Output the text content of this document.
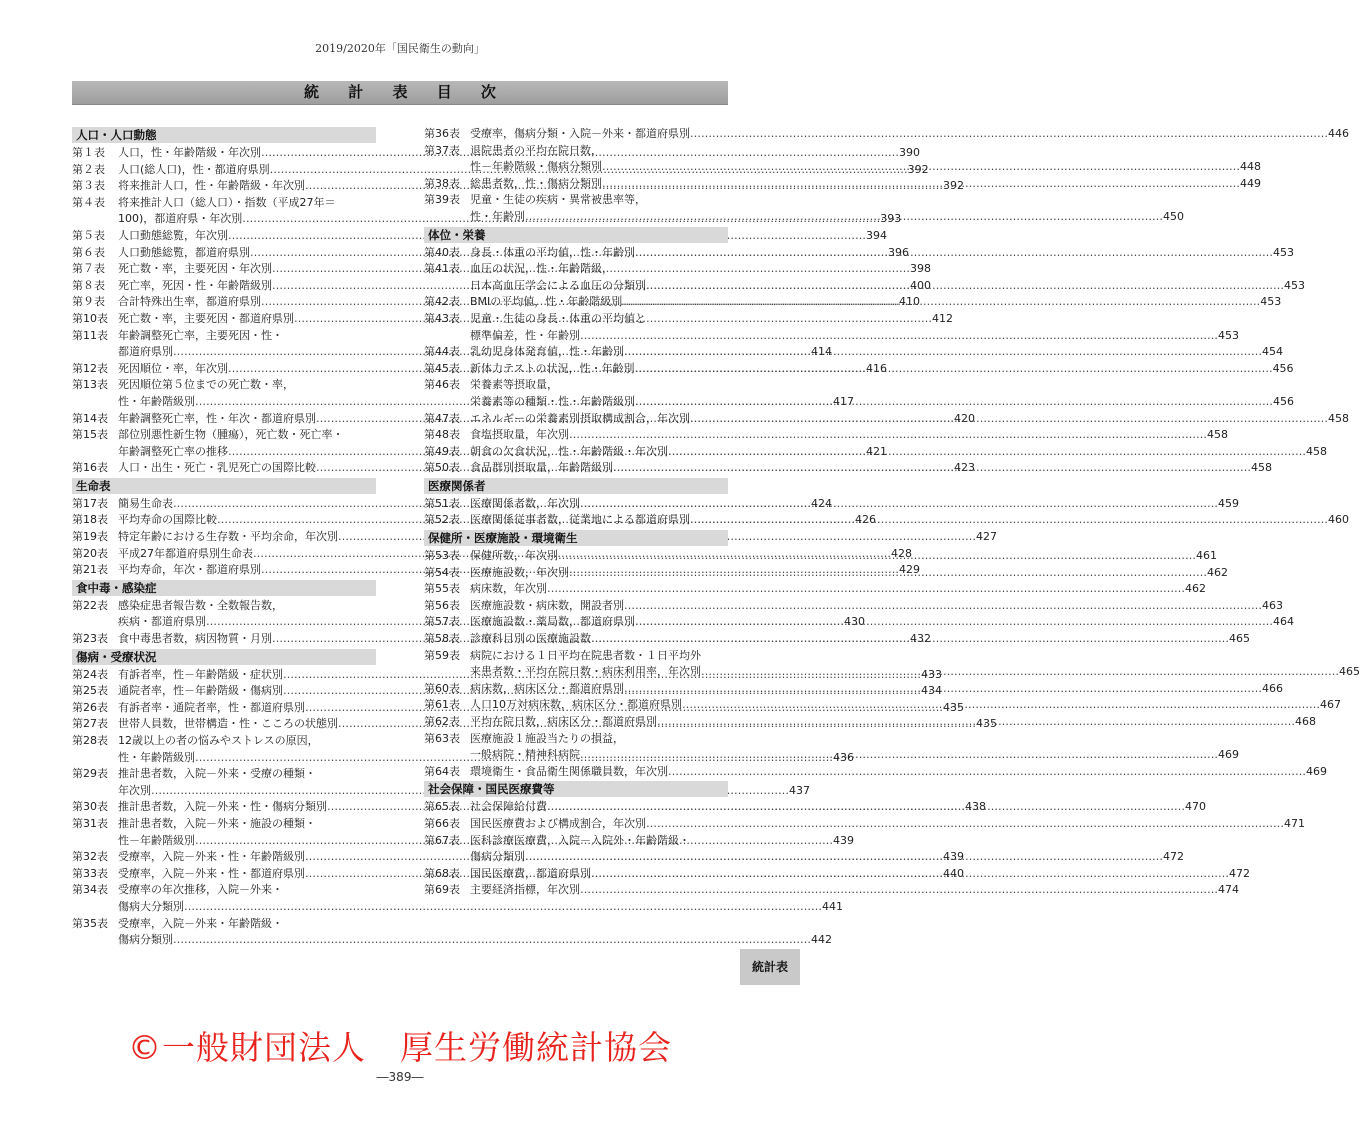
2019/2020年「国民衛生の動向」
統 計 表 目 次
人口・人口動態
第１表	人口，性・年齢階級・年次別 …………………………………………………………………………………………………………………………………………………………	390
第２表	人口(総人口)，性・都道府県別 …………………………………………………………………………………………………………………………………………………………	392
第３表	将来推計人口，性・年齢階級・年次別 …………………………………………………………………………………………………………………………………………………………	392
第４表	将来推計人口（総人口）・指数（平成27年＝
100)，都道府県・年次別 …………………………………………………………………………………………………………………………………………………………	393
第５表	人口動態総覧，年次別 …………………………………………………………………………………………………………………………………………………………	394
第６表	人口動態総覧，都道府県別 …………………………………………………………………………………………………………………………………………………………	396
第７表	死亡数・率，主要死因・年次別 …………………………………………………………………………………………………………………………………………………………	398
第８表	死亡率，死因・性・年齢階級別 …………………………………………………………………………………………………………………………………………………………	400
第９表	合計特殊出生率，都道府県別 …………………………………………………………………………………………………………………………………………………………	410
第10表 死亡数・率，主要死因・都道府県別 …………………………………………………………………………………………………………………………………………………………	412
第11表 年齢調整死亡率，主要死因・性・
都道府県別 …………………………………………………………………………………………………………………………………………………………	414
第12表 死因順位・率，年次別 …………………………………………………………………………………………………………………………………………………………	416
第13表 死因順位第５位までの死亡数・率，
性・年齢階級別 …………………………………………………………………………………………………………………………………………………………	417
第14表 年齢調整死亡率，性・年次・都道府県別 …………………………………………………………………………………………………………………………………………………………	420
第15表 部位別悪性新生物（腫瘍），死亡数・死亡率・
年齢調整死亡率の推移 …………………………………………………………………………………………………………………………………………………………	421
第16表 人口・出生・死亡・乳児死亡の国際比較 …………………………………………………………………………………………………………………………………………………………	423
生命表
第17表 簡易生命表 …………………………………………………………………………………………………………………………………………………………	424
第18表 平均寿命の国際比較 …………………………………………………………………………………………………………………………………………………………	426
第19表 特定年齢における生存数・平均余命，年次別 …………………………………………………………………………………………………………………………………………………………	427
第20表 平成27年都道府県別生命表 …………………………………………………………………………………………………………………………………………………………	428
第21表 平均寿命，年次・都道府県別 …………………………………………………………………………………………………………………………………………………………	429
食中毒・感染症
第22表 感染症患者報告数・全数報告数，
疾病・都道府県別 …………………………………………………………………………………………………………………………………………………………	430
第23表 食中毒患者数，病因物質・月別 …………………………………………………………………………………………………………………………………………………………	432
傷病・受療状況
第24表 有訴者率，性－年齢階級・症状別 …………………………………………………………………………………………………………………………………………………………	433
第25表 通院者率，性－年齢階級・傷病別 …………………………………………………………………………………………………………………………………………………………	434
第26表 有訴者率・通院者率，性・都道府県別 …………………………………………………………………………………………………………………………………………………………	435
第27表 世帯人員数，世帯構造・性・こころの状態別 …………………………………………………………………………………………………………………………………………………………	435
第28表 12歳以上の者の悩みやストレスの原因，
性・年齢階級別 …………………………………………………………………………………………………………………………………………………………	436
第29表 推計患者数，入院－外来・受療の種類・
年次別 …………………………………………………………………………………………………………………………………………………………	437
第30表 推計患者数，入院－外来・性・傷病分類別 …………………………………………………………………………………………………………………………………………………………	438
第31表 推計患者数，入院－外来・施設の種類・
性－年齢階級別 …………………………………………………………………………………………………………………………………………………………	439
第32表 受療率，入院－外来・性・年齢階級別 …………………………………………………………………………………………………………………………………………………………	439
第33表 受療率，入院－外来・性・都道府県別 …………………………………………………………………………………………………………………………………………………………	440
第34表 受療率の年次推移，入院－外来・
傷病大分類別 …………………………………………………………………………………………………………………………………………………………	441
第35表 受療率，入院－外来・年齢階級・
傷病分類別 …………………………………………………………………………………………………………………………………………………………	442
第36表 受療率，傷病分類・入院－外来・都道府県別 …………………………………………………………………………………………………………………………………………………………	446
第37表 退院患者の平均在院日数，
性－年齢階級・傷病分類別 …………………………………………………………………………………………………………………………………………………………	448
第38表 総患者数，性・傷病分類別 …………………………………………………………………………………………………………………………………………………………	449
第39表 児童・生徒の疾病・異常被患率等，
性・年齢別 …………………………………………………………………………………………………………………………………………………………	450
体位・栄養
第40表 身長・体重の平均値，性・年齢別 …………………………………………………………………………………………………………………………………………………………	453
第41表 血圧の状況，性・年齢階級，
日本高血圧学会による血圧の分類別 …………………………………………………………………………………………………………………………………………………………	453
第42表 BMIの平均値，性・年齢階級別 …………………………………………………………………………………………………………………………………………………………	453
第43表 児童・生徒の身長・体重の平均値と
標準偏差，性・年齢別 …………………………………………………………………………………………………………………………………………………………	453
第44表 乳幼児身体発育値，性・年齢別 …………………………………………………………………………………………………………………………………………………………	454
第45表 新体力テストの状況，性・年齢別 …………………………………………………………………………………………………………………………………………………………	456
第46表 栄養素等摂取量，
栄養素等の種類・性・年齢階級別 …………………………………………………………………………………………………………………………………………………………	456
第47表 エネルギーの栄養素別摂取構成割合，年次別 …………………………………………………………………………………………………………………………………………………………	458
第48表 食塩摂取量，年次別 …………………………………………………………………………………………………………………………………………………………	458
第49表 朝食の欠食状況，性・年齢階級・年次別 …………………………………………………………………………………………………………………………………………………………	458
第50表 食品群別摂取量，年齢階級別 …………………………………………………………………………………………………………………………………………………………	458
医療関係者
第51表 医療関係者数，年次別 …………………………………………………………………………………………………………………………………………………………	459
第52表 医療関係従事者数，従業地による都道府県別 …………………………………………………………………………………………………………………………………………………………	460
保健所・医療施設・環境衛生
第53表 保健所数，年次別 …………………………………………………………………………………………………………………………………………………………	461
第54表 医療施設数，年次別 …………………………………………………………………………………………………………………………………………………………	462
第55表 病床数，年次別 …………………………………………………………………………………………………………………………………………………………	462
第56表 医療施設数・病床数，開設者別 …………………………………………………………………………………………………………………………………………………………	463
第57表 医療施設数・薬局数，都道府県別 …………………………………………………………………………………………………………………………………………………………	464
第58表 診療科目別の医療施設数 …………………………………………………………………………………………………………………………………………………………	465
第59表 病院における１日平均在院患者数・１日平均外
来患者数・平均在院日数・病床利用率，年次別 …………………………………………………………………………………………………………………………………………………………	465
第60表 病床数，病床区分・都道府県別 …………………………………………………………………………………………………………………………………………………………	466
第61表 人口10万対病床数，病床区分・都道府県別 …………………………………………………………………………………………………………………………………………………………	467
第62表 平均在院日数，病床区分・都道府県別 …………………………………………………………………………………………………………………………………………………………	468
第63表 医療施設１施設当たりの損益，
一般病院・精神科病院 …………………………………………………………………………………………………………………………………………………………	469
第64表 環境衛生・食品衛生関係職員数，年次別 …………………………………………………………………………………………………………………………………………………………	469
社会保障・国民医療費等
第65表 社会保障給付費 …………………………………………………………………………………………………………………………………………………………	470
第66表 国民医療費および構成割合，年次別 …………………………………………………………………………………………………………………………………………………………	471
第67表 医科診療医療費，入院－入院外・年齢階級・
傷病分類別 …………………………………………………………………………………………………………………………………………………………	472
第68表 国民医療費，都道府県別 …………………………………………………………………………………………………………………………………………………………	472
第69表 主要経済指標，年次別 …………………………………………………………………………………………………………………………………………………………	474
統計表
©一般財団法人　厚生労働統計協会
―389―
